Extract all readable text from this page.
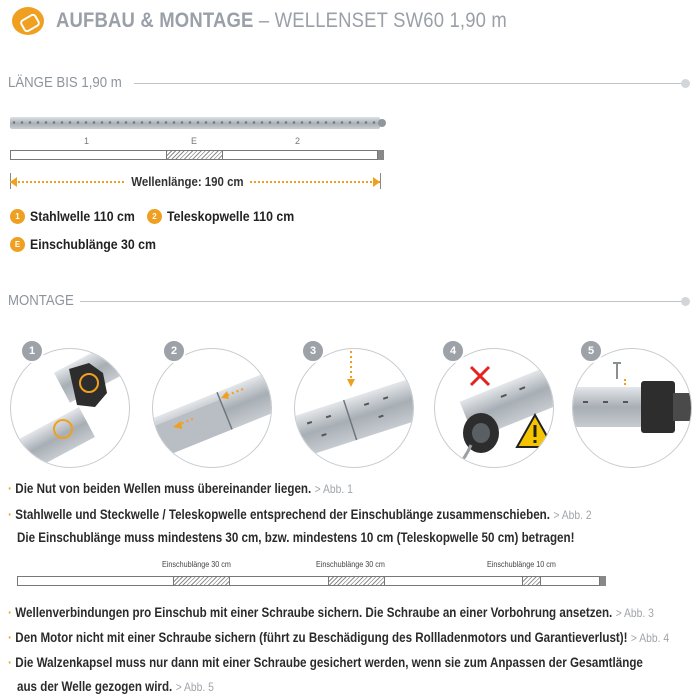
AUFBAU & MONTAGE – WELLENSET SW60 1,90 m
LÄNGE BIS 1,90 m
1	E	2
Wellenlänge: 190 cm
1 Stahlwelle 110 cm	2 Teleskopwelle 110 cm
E Einschublänge 30 cm
MONTAGE
1	2	3	4	5
· Die Nut von beiden Wellen muss übereinander liegen. > Abb. 1
· Stahlwelle und Steckwelle / Teleskopwelle entsprechend der Einschublänge zusammenschieben. > Abb. 2
Die Einschublänge muss mindestens 30 cm, bzw. mindestens 10 cm (Teleskopwelle 50 cm) betragen!
Einschublänge 30 cm	Einschublänge 30 cm	Einschublänge 10 cm
· Wellenverbindungen pro Einschub mit einer Schraube sichern. Die Schraube an einer Vorbohrung ansetzen. > Abb. 3
· Den Motor nicht mit einer Schraube sichern (führt zu Beschädigung des Rollladenmotors und Garantieverlust)! > Abb. 4
· Die Walzenkapsel muss nur dann mit einer Schraube gesichert werden, wenn sie zum Anpassen der Gesamtlänge
aus der Welle gezogen wird. > Abb. 5
